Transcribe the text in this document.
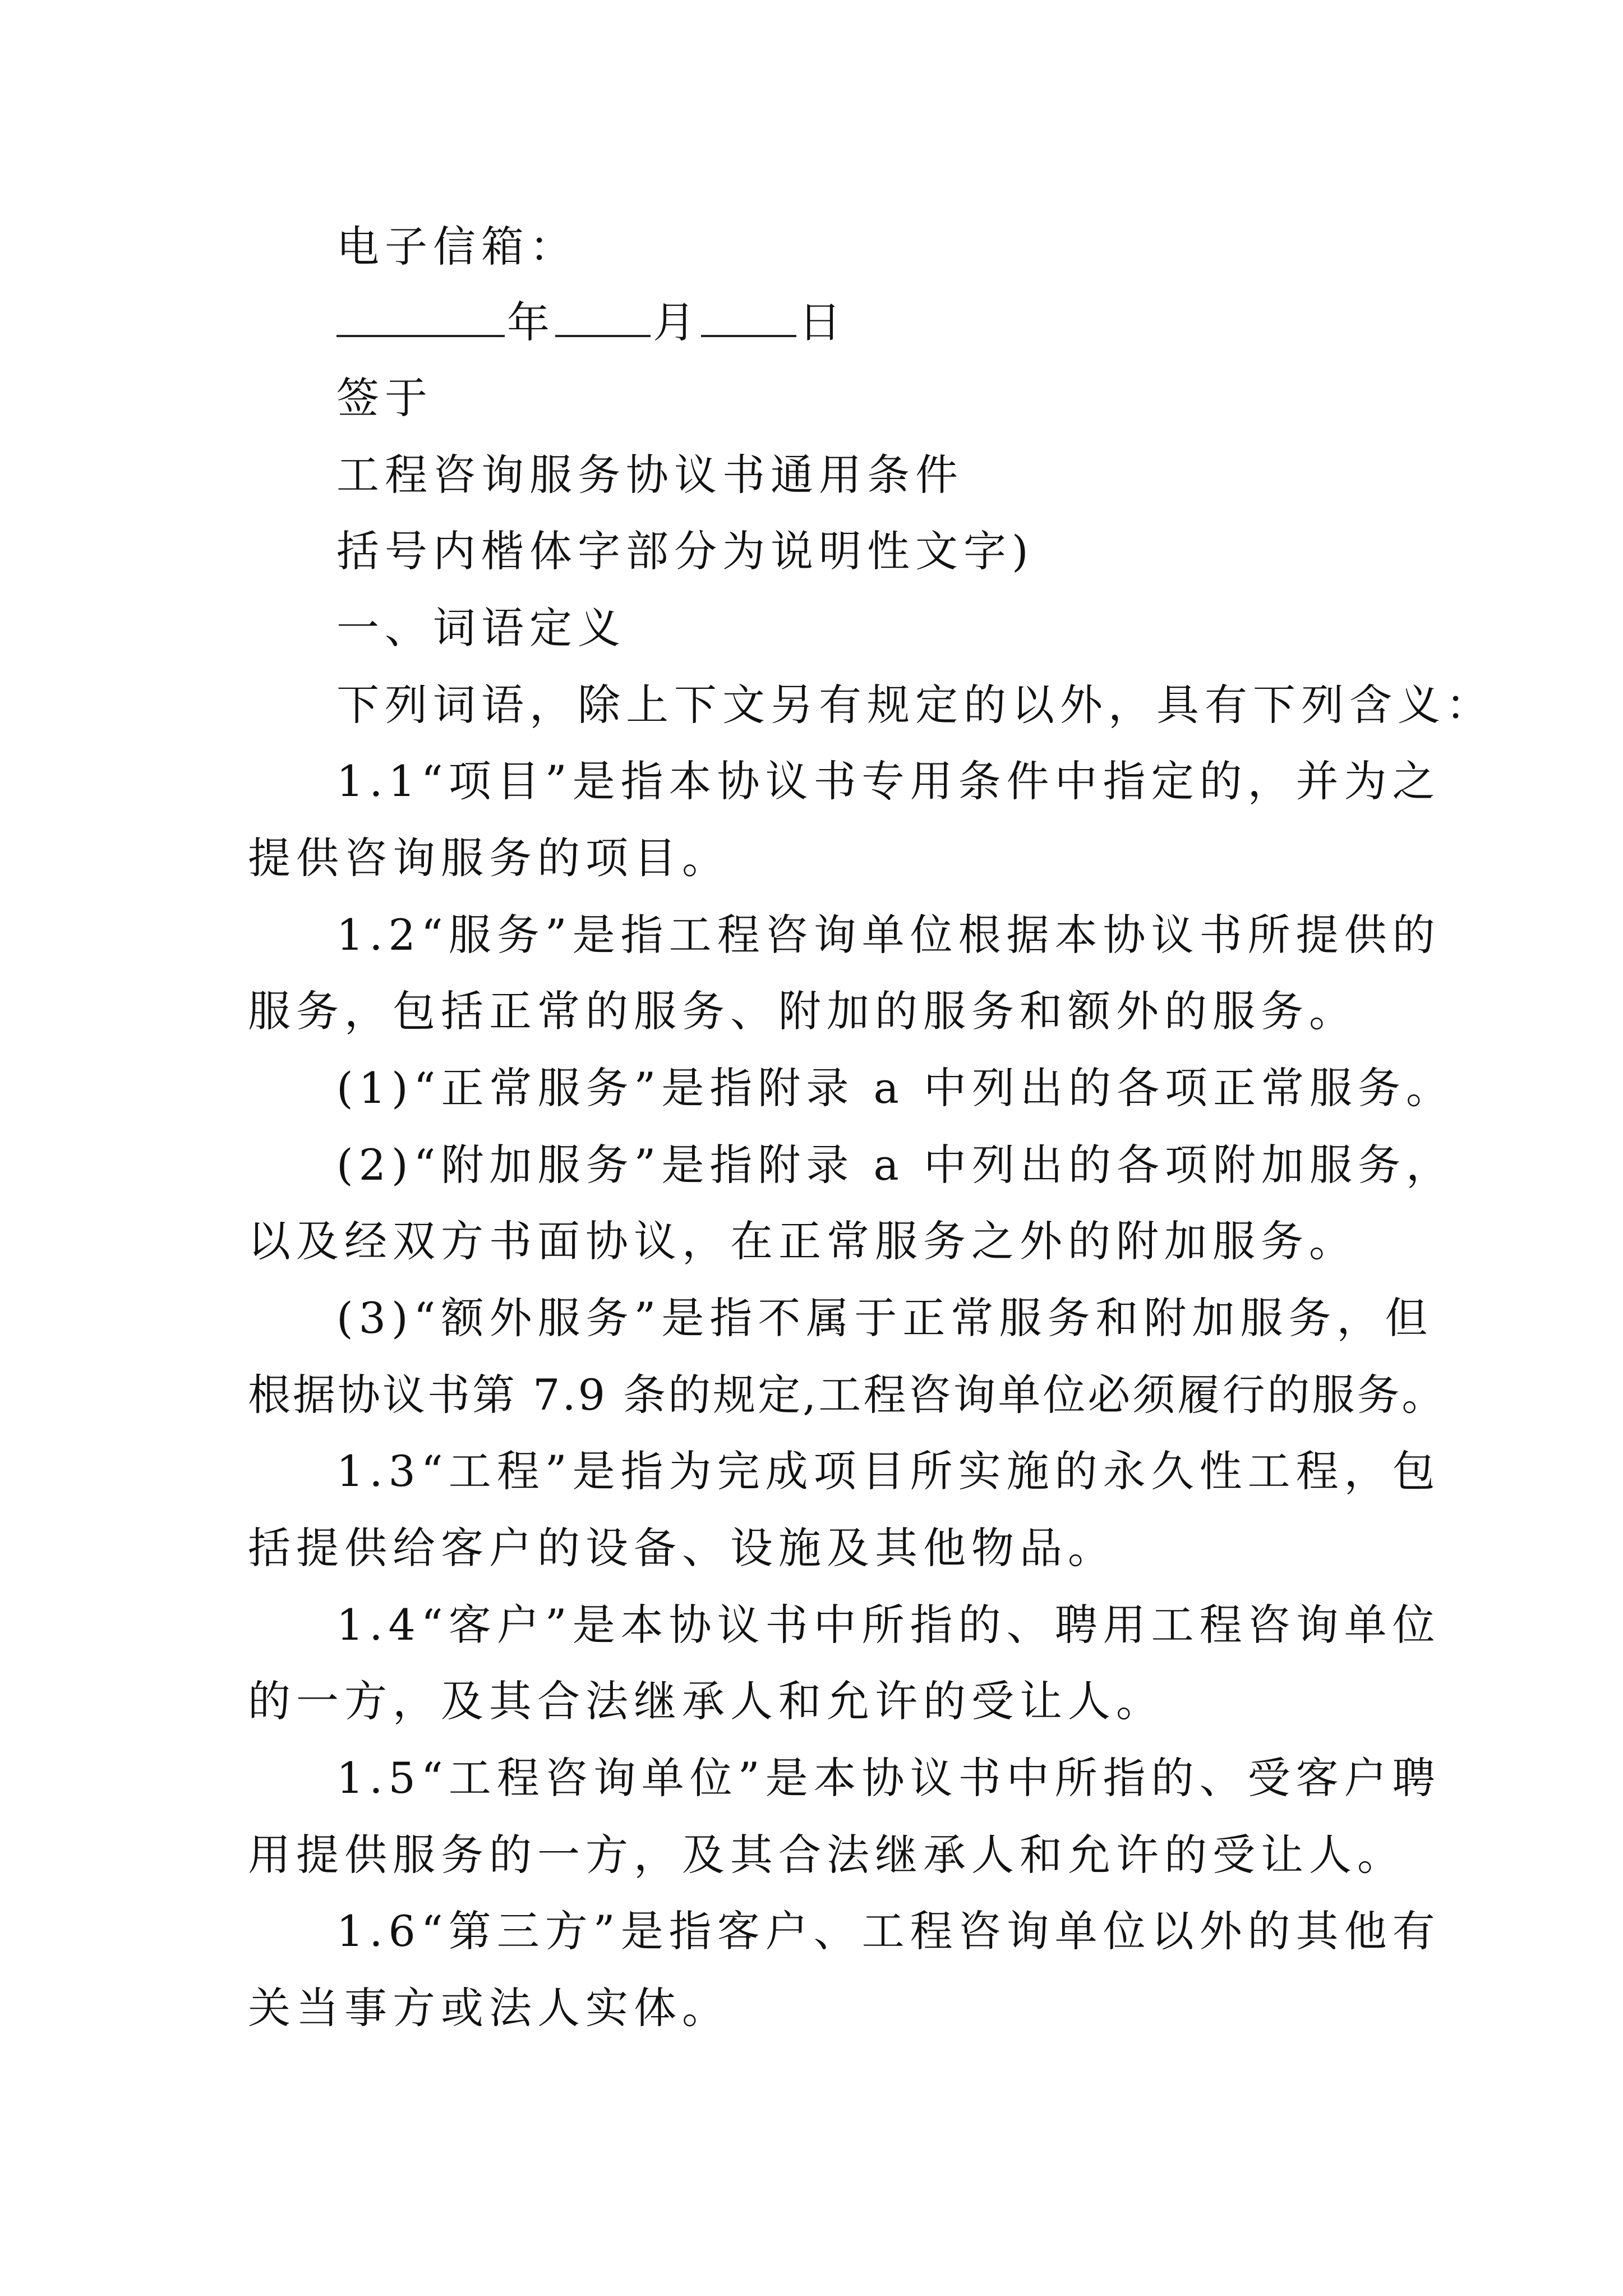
电子信箱：
年 月 日
签于
工程咨询服务协议书通用条件
括号内楷体字部分为说明性文字)
一、词语定义
下列词语，除上下文另有规定的以外，具有下列含义：
1.1“项目”是指本协议书专用条件中指定的，并为之
提供咨询服务的项目。
1.2“服务”是指工程咨询单位根据本协议书所提供的
服务，包括正常的服务、附加的服务和额外的服务。
(1)“正常服务”是指附录 a 中列出的各项正常服务。
(2)“附加服务”是指附录 a 中列出的各项附加服务，
以及经双方书面协议，在正常服务之外的附加服务。
(3)“额外服务”是指不属于正常服务和附加服务，但
根据协议书第 7.9 条的规定,工程咨询单位必须履行的服务。
1.3“工程”是指为完成项目所实施的永久性工程，包
括提供给客户的设备、设施及其他物品。
1.4“客户”是本协议书中所指的、聘用工程咨询单位
的一方，及其合法继承人和允许的受让人。
1.5“工程咨询单位”是本协议书中所指的、受客户聘
用提供服务的一方，及其合法继承人和允许的受让人。
1.6“第三方”是指客户、工程咨询单位以外的其他有
关当事方或法人实体。
